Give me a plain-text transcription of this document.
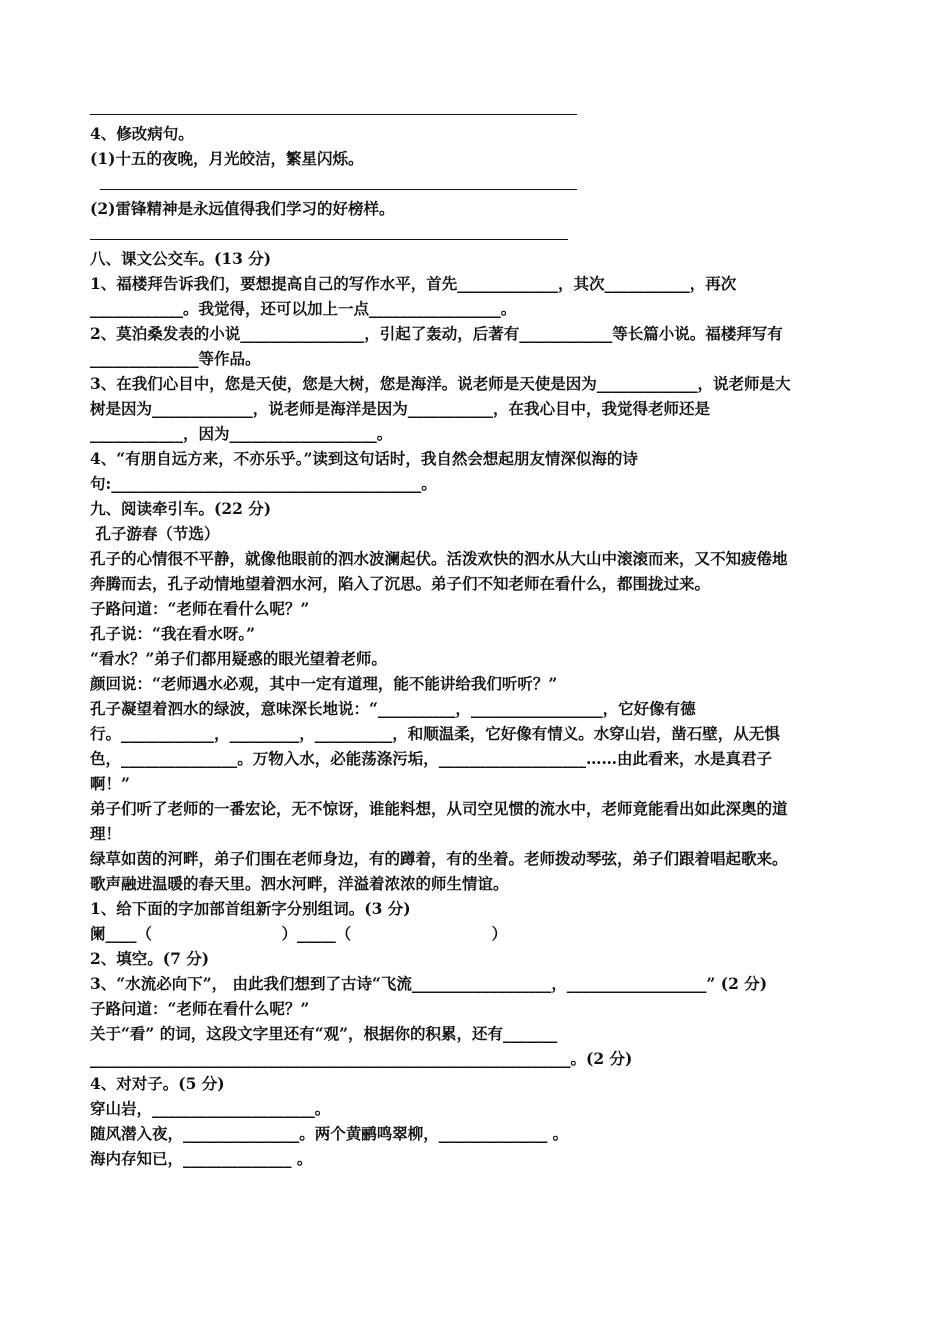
4、修改病句。
(1)十五的夜晚，月光皎洁，繁星闪烁。
(2)雷锋精神是永远值得我们学习的好榜样。
八、课文公交车。(13 分)
1、福楼拜告诉我们，要想提高自己的写作水平，首先_____________，其次___________，再次
____________。我觉得，还可以加上一点_________________。
2、莫泊桑发表的小说________________，引起了轰动，后著有____________等长篇小说。福楼拜写有
______________等作品。
3、在我们心目中，您是天使，您是大树，您是海洋。说老师是天使是因为_____________，说老师是大
树是因为_____________，说老师是海洋是因为___________，在我心目中，我觉得老师还是
____________，因为___________________。
4、“有朋自远方来，不亦乐乎。”读到这句话时，我自然会想起朋友情深似海的诗
句:________________________________________。
九、阅读牵引车。(22 分)
孔子游春（节选）
孔子的心情很不平静，就像他眼前的泗水波澜起伏。活泼欢快的泗水从大山中滚滚而来，又不知疲倦地
奔腾而去，孔子动情地望着泗水河，陷入了沉思。弟子们不知老师在看什么，都围拢过来。
子路问道：“老师在看什么呢？”
孔子说：“我在看水呀。”
“看水？”弟子们都用疑惑的眼光望着老师。
颜回说：“老师遇水必观，其中一定有道理，能不能讲给我们听听？”
孔子凝望着泗水的绿波，意味深长地说：“__________，_________________，它好像有德
行。____________，_________，__________，和顺温柔，它好像有情义。水穿山岩，凿石壁，从无惧
色，_______________。万物入水，必能荡涤污垢，___________________……由此看来，水是真君子
啊！”
弟子们听了老师的一番宏论，无不惊讶，谁能料想，从司空见惯的流水中，老师竟能看出如此深奥的道
理！
绿草如茵的河畔，弟子们围在老师身边，有的蹲着，有的坐着。老师拨动琴弦，弟子们跟着唱起歌来。
歌声融进温暖的春天里。泗水河畔，洋溢着浓浓的师生情谊。
1、给下面的字加部首组新字分别组词。(3 分)
阑____（                        ）_____（                          ）
2、填空。(7 分)
3、“水流必向下”， 由此我们想到了古诗“飞流__________________，__________________” (2 分)
子路问道：“老师在看什么呢？”
关于“看” 的词，这段文字里还有“观”，根据你的积累，还有_______
______________________________________________________________。(2 分)
4、对对子。(5 分)
穿山岩，_____________________。
随风潜入夜，_______________。两个黄鹂鸣翠柳，______________ 。
海内存知已，______________ 。
